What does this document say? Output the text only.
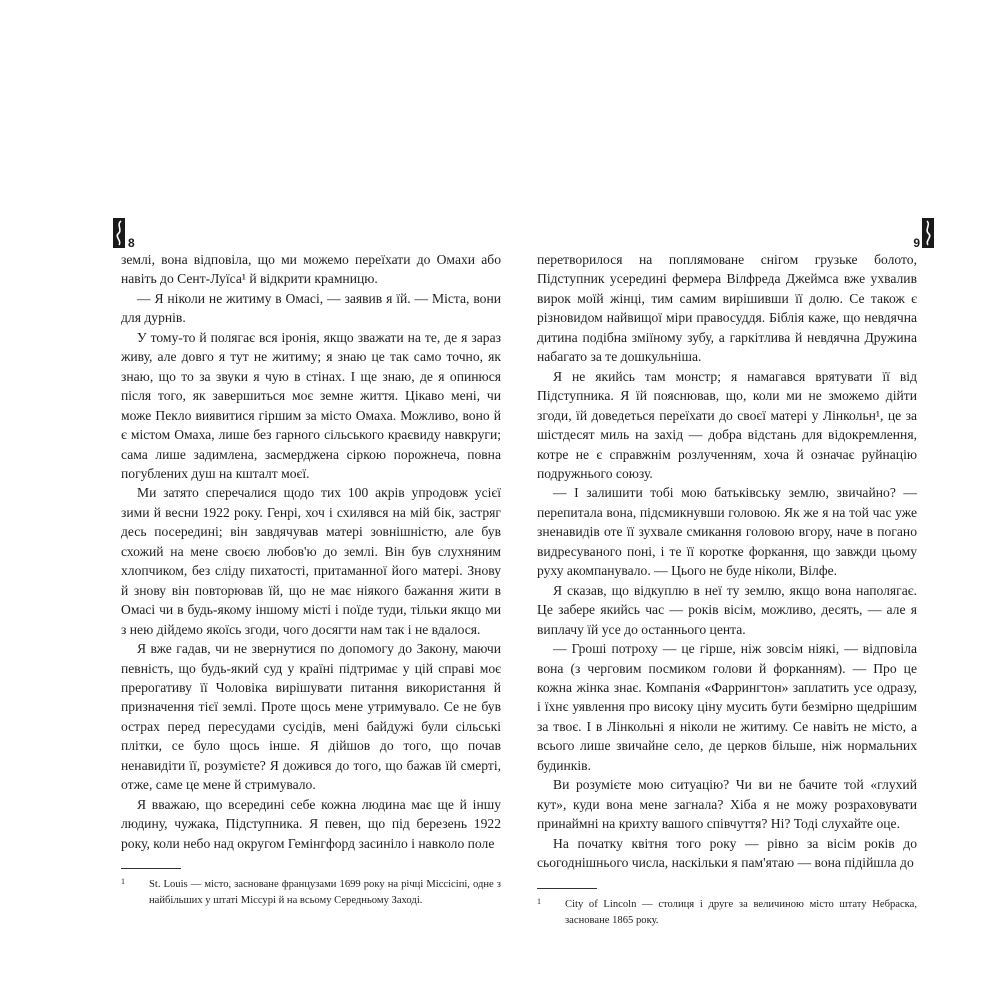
8

землі, вона відповіла, що ми можемо переїхати до Омахи або навіть до Сент-Луїса¹ й відкрити крамницю.

— Я ніколи не житиму в Омасі, — заявив я їй. — Міста, вони для дурнів.

У тому-то й полягає вся іронія, якщо зважати на те, де я зараз живу, але довго я тут не житиму; я знаю це так само точно, як знаю, що то за звуки я чую в стінах. І ще знаю, де я опинюся після того, як завершиться моє земне життя. Цікаво мені, чи може Пекло виявитися гіршим за місто Омаха. Можливо, воно й є містом Омаха, лише без гарного сільського краєвиду навкруги; сама лише задимлена, засмерджена сіркою порожнеча, повна погублених душ на кшталт моєї.

Ми затято сперечалися щодо тих 100 акрів упродовж усієї зими й весни 1922 року. Генрі, хоч і схилявся на мій бік, застряг десь посередині; він завдячував матері зовнішністю, але був схожий на мене своєю любов'ю до землі. Він був слухняним хлопчиком, без сліду пихатості, притаманної його матері. Знову й знову він повторював їй, що не має ніякого бажання жити в Омасі чи в будь-якому іншому місті і поїде туди, тільки якщо ми з нею дійдемо якоїсь згоди, чого досягти нам так і не вдалося.

Я вже гадав, чи не звернутися по допомогу до Закону, маючи певність, що будь-який суд у країні підтримає у цій справі моє прерогативу її Чоловіка вирішувати питання використання й призначення тієї землі. Проте щось мене утримувало. Се не був острах перед пересудами сусідів, мені байдужі були сільські плітки, се було щось інше. Я дійшов до того, що почав ненавидіти її, розумієте? Я дожився до того, що бажав їй смерті, отже, саме це мене й стримувало.

Я вважаю, що всередині себе кожна людина має ще й іншу людину, чужака, Підступника. Я певен, що під березень 1922 року, коли небо над округом Гемінгфорд засиніло і навколо поле

1 St. Louis — місто, засноване французами 1699 року на річці Міссісіпі, одне з найбільших у штаті Міссурі й на всьому Середньому Заході.
9

перетворилося на поплямоване снігом грузьке болото, Підступник усередині фермера Вілфреда Джеймса вже ухвалив вирок моїй жінці, тим самим вирішивши її долю. Се також є різновидом найвищої міри правосуддя. Біблія каже, що невдячна дитина подібна зміїному зубу, а гаркітлива й невдячна Дружина набагато за те дошкульніша.

Я не якийсь там монстр; я намагався врятувати її від Підступника. Я їй пояснював, що, коли ми не зможемо дійти згоди, їй доведеться переїхати до своєї матері у Лінкольн¹, це за шістдесят миль на захід — добра відстань для відокремлення, котре не є справжнім розлученням, хоча й означає руйнацію подружнього союзу.

— І залишити тобі мою батьківську землю, звичайно? — перепитала вона, підсмикнувши головою. Як же я на той час уже зненавидів оте її зухвале смикання головою вгору, наче в погано видресуваного поні, і те її коротке форкання, що завжди цьому руху акомпанувало. — Цього не буде ніколи, Вілфе.

Я сказав, що відкуплю в неї ту землю, якщо вона наполягає. Це забере якийсь час — років вісім, можливо, десять, — але я виплачу їй усе до останнього цента.

— Гроші потроху — це гірше, ніж зовсім ніякі, — відповіла вона (з черговим посмиком голови й форканням). — Про це кожна жінка знає. Компанія «Фаррингтон» заплатить усе одразу, і їхнє уявлення про високу ціну мусить бути безмірно щедрішим за твоє. І в Лінкольні я ніколи не житиму. Се навіть не місто, а всього лише звичайне село, де церков більше, ніж нормальних будинків.

Ви розумієте мою ситуацію? Чи ви не бачите той «глухий кут», куди вона мене загнала? Хіба я не можу розраховувати принаймні на крихту вашого співчуття? Ні? Тоді слухайте оце.

На початку квітня того року — рівно за вісім років до сьогоднішнього числа, наскільки я пам'ятаю — вона підійшла до

1 City of Lincoln — столиця і друге за величиною місто штату Небраска, засноване 1865 року.
